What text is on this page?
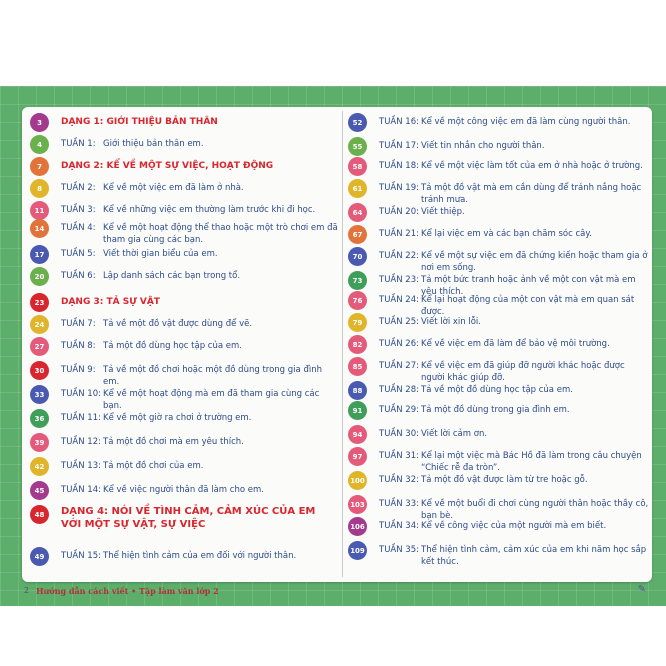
3	DẠNG 1: GIỚI THIỆU BẢN THÂN
4	TUẦN 1: Giới thiệu bản thân em.
7	DẠNG 2: KỂ VỀ MỘT SỰ VIỆC, HOẠT ĐỘNG
8	TUẦN 2: Kể về một việc em đã làm ở nhà.
11	TUẦN 3: Kể về những việc em thường làm trước khi đi học.
14	TUẦN 4: Kể về một hoạt động thể thao hoặc một trò chơi em đã tham gia cùng các bạn.
17	TUẦN 5: Viết thời gian biểu của em.
20	TUẦN 6: Lập danh sách các bạn trong tổ.
23	DẠNG 3: TẢ SỰ VẬT
24	TUẦN 7: Tả về một đồ vật được dùng để vẽ.
27	TUẦN 8: Tả một đồ dùng học tập của em.
30	TUẦN 9: Tả về một đồ chơi hoặc một đồ dùng trong gia đình em.
33	TUẦN 10: Kể về một hoạt động mà em đã tham gia cùng các bạn.
36	TUẦN 11: Kể về một giờ ra chơi ở trường em.
39	TUẦN 12: Tả một đồ chơi mà em yêu thích.
42	TUẦN 13: Tả một đồ chơi của em.
45	TUẦN 14: Kể về việc người thân đã làm cho em.
48	DẠNG 4: NÓI VỀ TÌNH CẢM, CẢM XÚC CỦA EM VỚI MỘT SỰ VẬT, SỰ VIỆC
49	TUẦN 15: Thể hiện tình cảm của em đối với người thân.
52	TUẦN 16: Kể về một công việc em đã làm cùng người thân.
55	TUẦN 17: Viết tin nhắn cho người thân.
58	TUẦN 18: Kể về một việc làm tốt của em ở nhà hoặc ở trường.
61	TUẦN 19: Tả một đồ vật mà em cần dùng để tránh nắng hoặc tránh mưa.
64	TUẦN 20: Viết thiệp.
67	TUẦN 21: Kể lại việc em và các bạn chăm sóc cây.
70	TUẦN 22: Kể về một sự việc em đã chứng kiến hoặc tham gia ở nơi em sống.
73	TUẦN 23: Tả một bức tranh hoặc ảnh về một con vật mà em yêu thích.
76	TUẦN 24: Kể lại hoạt động của một con vật mà em quan sát được.
79	TUẦN 25: Viết lời xin lỗi.
82	TUẦN 26: Kể về việc em đã làm để bảo vệ môi trường.
85	TUẦN 27: Kể về việc em đã giúp đỡ người khác hoặc được người khác giúp đỡ.
88	TUẦN 28: Tả về một đồ dùng học tập của em.
91	TUẦN 29: Tả một đồ dùng trong gia đình em.
94	TUẦN 30: Viết lời cảm ơn.
97	TUẦN 31: Kể lại một việc mà Bác Hồ đã làm trong câu chuyện “Chiếc rễ đa tròn”.
100 TUẦN 32: Tả một đồ vật được làm từ tre hoặc gỗ.
103 TUẦN 33: Kể về một buổi đi chơi cùng người thân hoặc thầy cô, bạn bè.
106 TUẦN 34: Kể về công việc của một người mà em biết.
109 TUẦN 35: Thể hiện tình cảm, cảm xúc của em khi năm học sắp kết thúc.
2 Hướng dẫn cách viết • Tập làm văn lớp 2	✎
